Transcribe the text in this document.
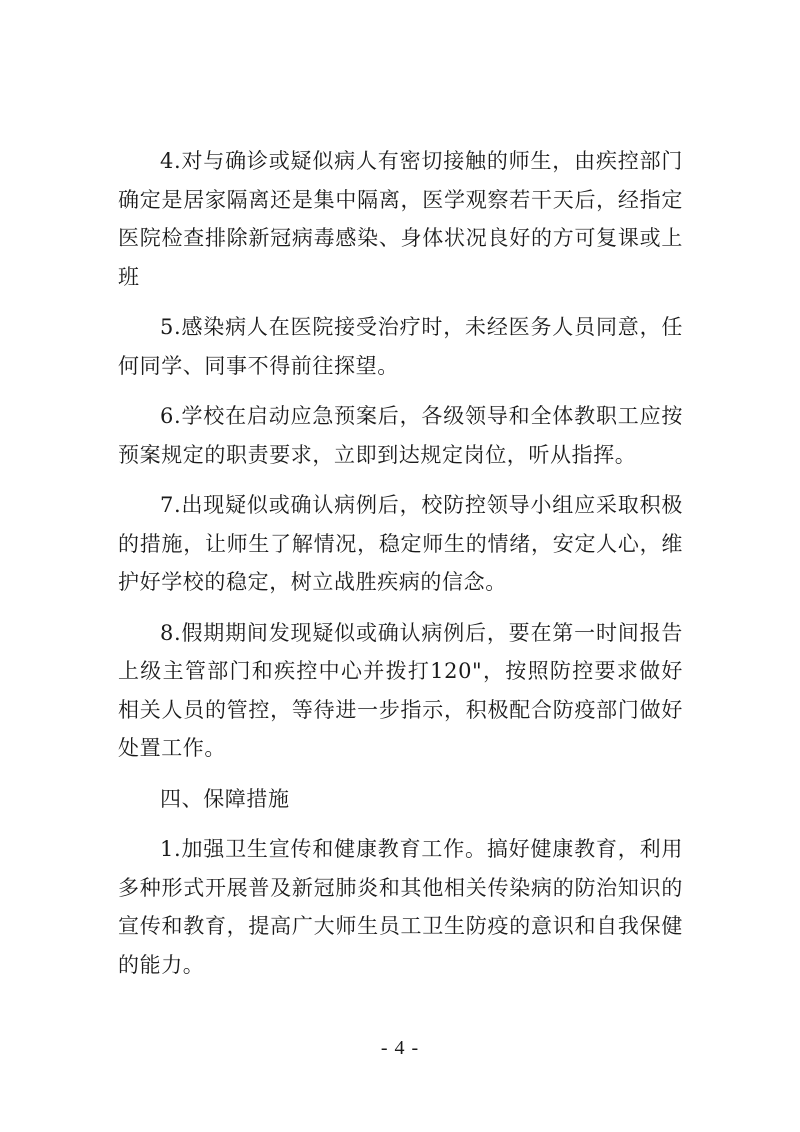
4.对与确诊或疑似病人有密切接触的师生，由疾控部门确定是居家隔离还是集中隔离，医学观察若干天后，经指定医院检查排除新冠病毒感染、身体状况良好的方可复课或上班

5.感染病人在医院接受治疗时，未经医务人员同意，任何同学、同事不得前往探望。

6.学校在启动应急预案后，各级领导和全体教职工应按预案规定的职责要求，立即到达规定岗位，听从指挥。

7.出现疑似或确认病例后，校防控领导小组应采取积极的措施，让师生了解情况，稳定师生的情绪，安定人心，维护好学校的稳定，树立战胜疾病的信念。

8.假期期间发现疑似或确认病例后，要在第一时间报告上级主管部门和疾控中心并拨打120"，按照防控要求做好相关人员的管控，等待进一步指示，积极配合防疫部门做好处置工作。

四、保障措施

1.加强卫生宣传和健康教育工作。搞好健康教育，利用多种形式开展普及新冠肺炎和其他相关传染病的防治知识的宣传和教育，提高广大师生员工卫生防疫的意识和自我保健的能力。

- 4 -
